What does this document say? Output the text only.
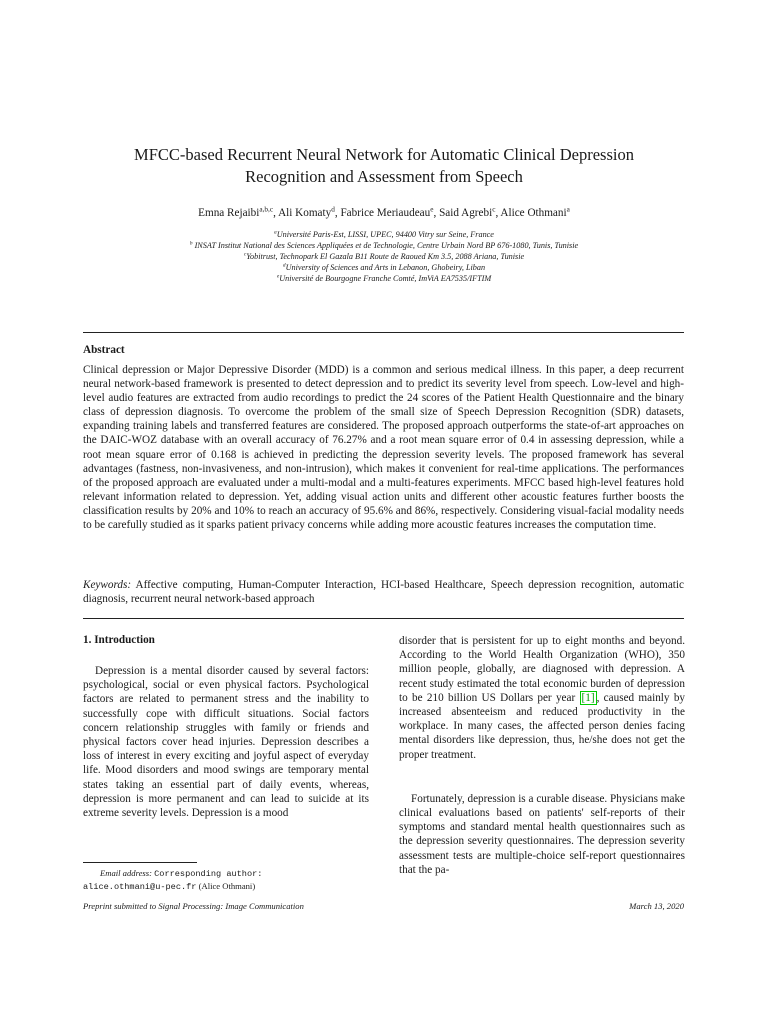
MFCC-based Recurrent Neural Network for Automatic Clinical Depression
Recognition and Assessment from Speech
Emna Rejaibi$^{a,b,c}$, Ali Komaty$^d$, Fabrice Meriaudeau$^e$, Said Agrebi$^c$, Alice Othmani$^a$
$^a$Université Paris-Est, LISSI, UPEC, 94400 Vitry sur Seine, France
$^b$ INSAT Institut National des Sciences Appliquées et de Technologie, Centre Urbain Nord BP 676-1080, Tunis, Tunisie
$^c$Yobitrust, Technopark El Gazala B11 Route de Raoued Km 3.5, 2088 Ariana, Tunisie
$^d$University of Sciences and Arts in Lebanon, Ghobeiry, Liban
$^e$Université de Bourgogne Franche Comté, ImViA EA7535/IFTIM
Abstract
Clinical depression or Major Depressive Disorder (MDD) is a common and serious medical illness. In this paper, a deep recurrent neural network-based framework is presented to detect depression and to predict its severity level from speech. Low-level and high-level audio features are extracted from audio recordings to predict the 24 scores of the Patient Health Questionnaire and the binary class of depression diagnosis. To overcome the problem of the small size of Speech Depression Recognition (SDR) datasets, expanding training labels and transferred features are considered. The proposed approach outperforms the state-of-art approaches on the DAIC-WOZ database with an overall accuracy of 76.27% and a root mean square error of 0.4 in assessing depression, while a root mean square error of 0.168 is achieved in predicting the depression severity levels. The proposed framework has several advantages (fastness, non-invasiveness, and non-intrusion), which makes it convenient for real-time applications. The performances of the proposed approach are evaluated under a multi-modal and a multi-features experiments. MFCC based high-level features hold relevant information related to depression. Yet, adding visual action units and different other acoustic features further boosts the classification results by 20% and 10% to reach an accuracy of 95.6% and 86%, respectively. Considering visual-facial modality needs to be carefully studied as it sparks patient privacy concerns while adding more acoustic features increases the computation time.
Keywords: Affective computing, Human-Computer Interaction, HCI-based Healthcare, Speech depression recognition, automatic diagnosis, recurrent neural network-based approach
1. Introduction

Depression is a mental disorder caused by several factors: psychological, social or even physical factors. Psychological factors are related to permanent stress and the inability to successfully cope with difficult situations. Social factors concern relationship struggles with family or friends and physical factors cover head injuries. Depression describes a loss of interest in every exciting and joyful aspect of everyday life. Mood disorders and mood swings are temporary mental states taking an essential part of daily events, whereas, depression is more permanent and can lead to suicide at its extreme severity levels. Depression is a mood

disorder that is persistent for up to eight months and beyond. According to the World Health Organization (WHO), 350 million people, globally, are diagnosed with depression. A recent study estimated the total economic burden of depression to be 210 billion US Dollars per year [1] , caused mainly by increased absenteeism and reduced productivity in the workplace. In many cases, the affected person denies facing mental disorders like depression, thus, he/she does not get the proper treatment.

Fortunately, depression is a curable disease. Physicians make clinical evaluations based on patients' self-reports of their symptoms and standard mental health questionnaires such as the depression severity questionnaires. The depression severity assessment tests are multiple-choice self-report questionnaires that the pa-

Email address: Corresponding author:
alice.othmani@u-pec.fr (Alice Othmani)
Preprint submitted to Signal Processing: Image Communication	March 13, 2020
